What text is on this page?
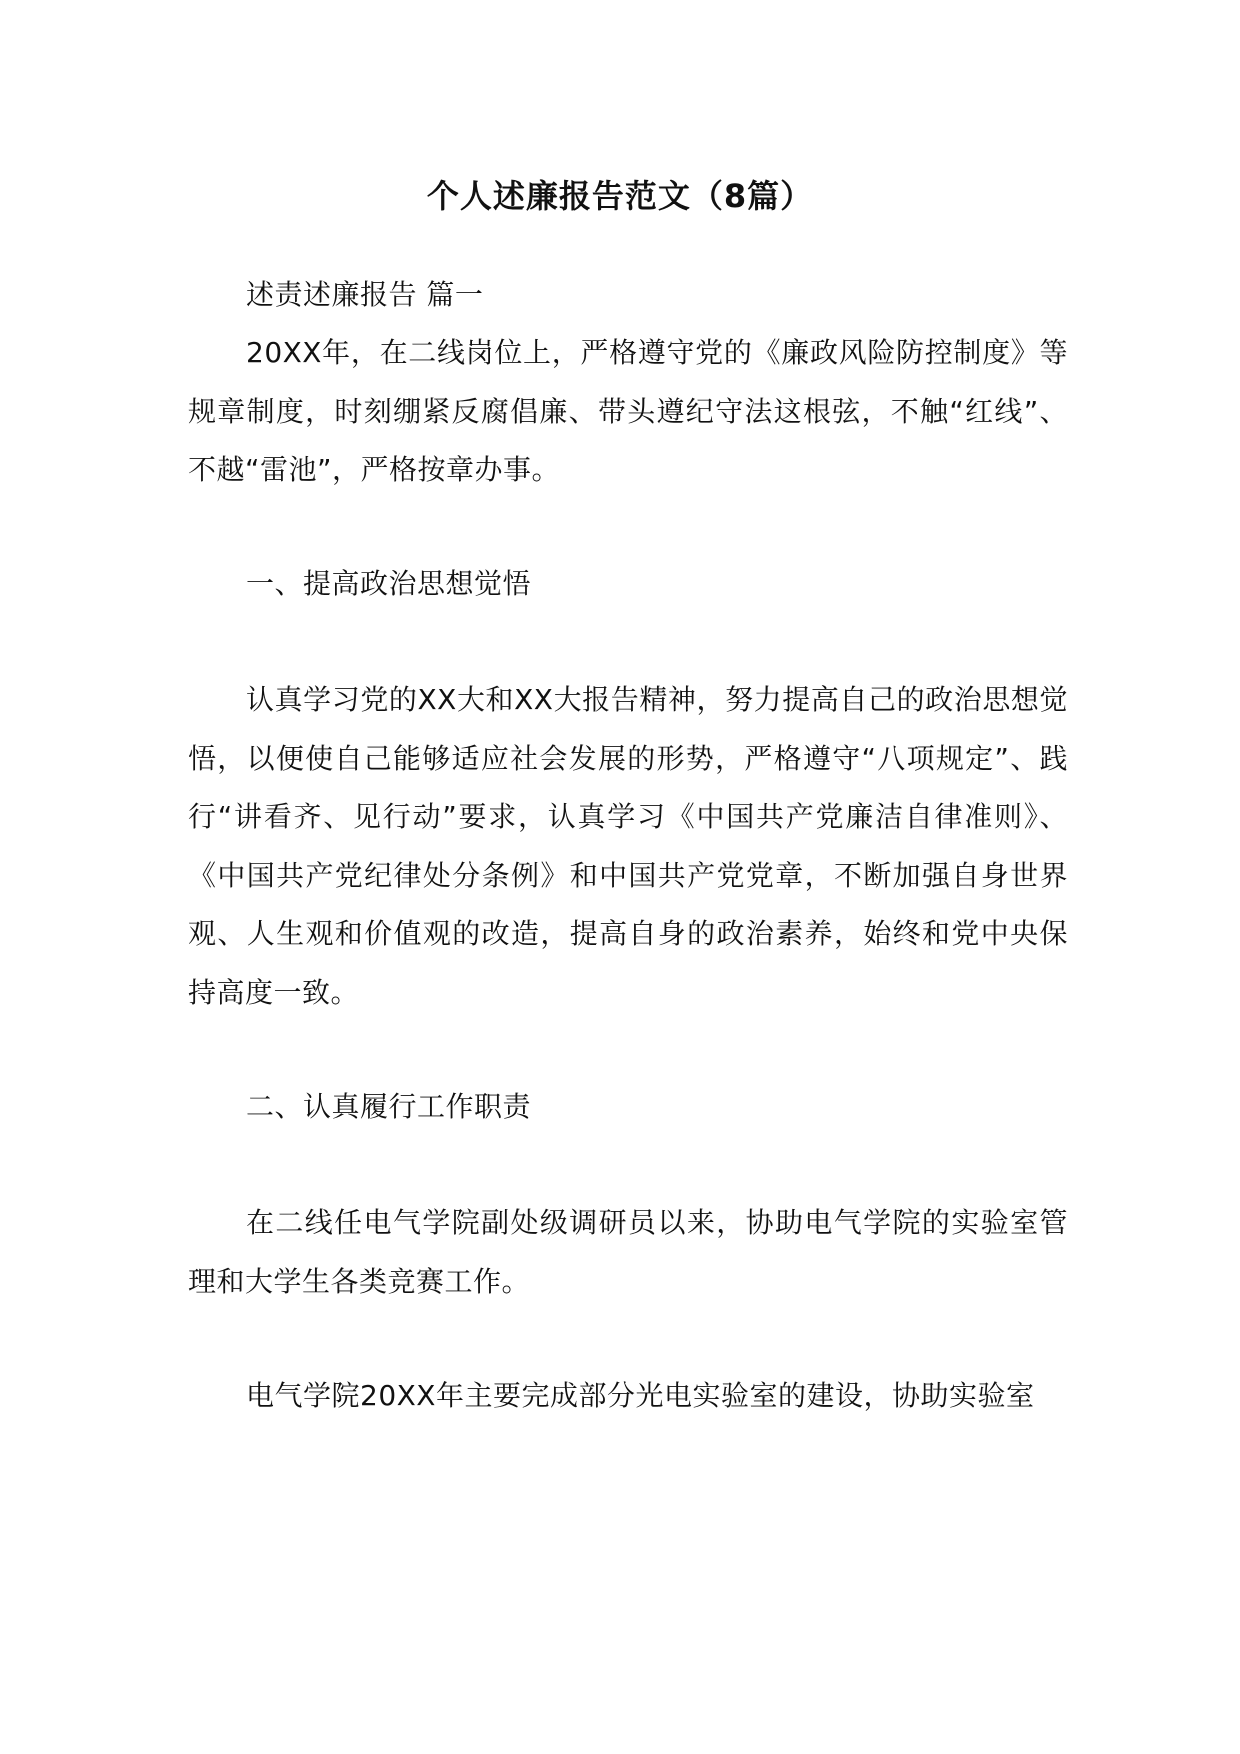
个人述廉报告范文（8篇）
述责述廉报告 篇一
20XX年，在二线岗位上，严格遵守党的《廉政风险防控制度》等规章制度，时刻绷紧反腐倡廉、带头遵纪守法这根弦，不触“红线”、不越“雷池”，严格按章办事。
一、提高政治思想觉悟
认真学习党的XX大和XX大报告精神，努力提高自己的政治思想觉悟，以便使自己能够适应社会发展的形势，严格遵守“八项规定”、践行“讲看齐、见行动”要求，认真学习《中国共产党廉洁自律准则》、《中国共产党纪律处分条例》和中国共产党党章，不断加强自身世界观、人生观和价值观的改造，提高自身的政治素养，始终和党中央保持高度一致。
二、认真履行工作职责
在二线任电气学院副处级调研员以来，协助电气学院的实验室管理和大学生各类竞赛工作。
电气学院20XX年主要完成部分光电实验室的建设，协助实验室
